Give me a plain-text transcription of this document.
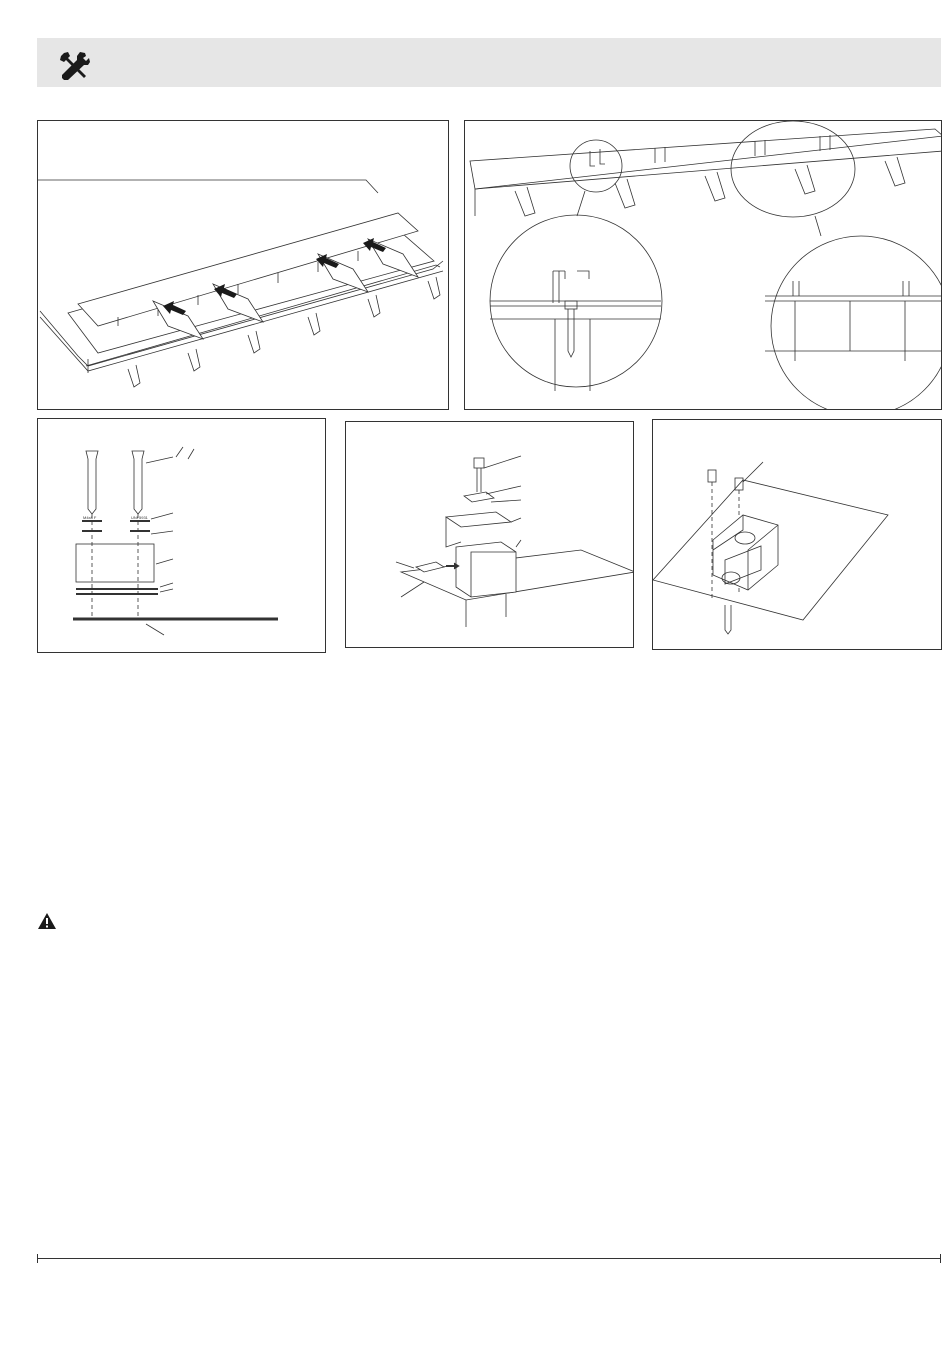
M4x8 F	UNI 5931
